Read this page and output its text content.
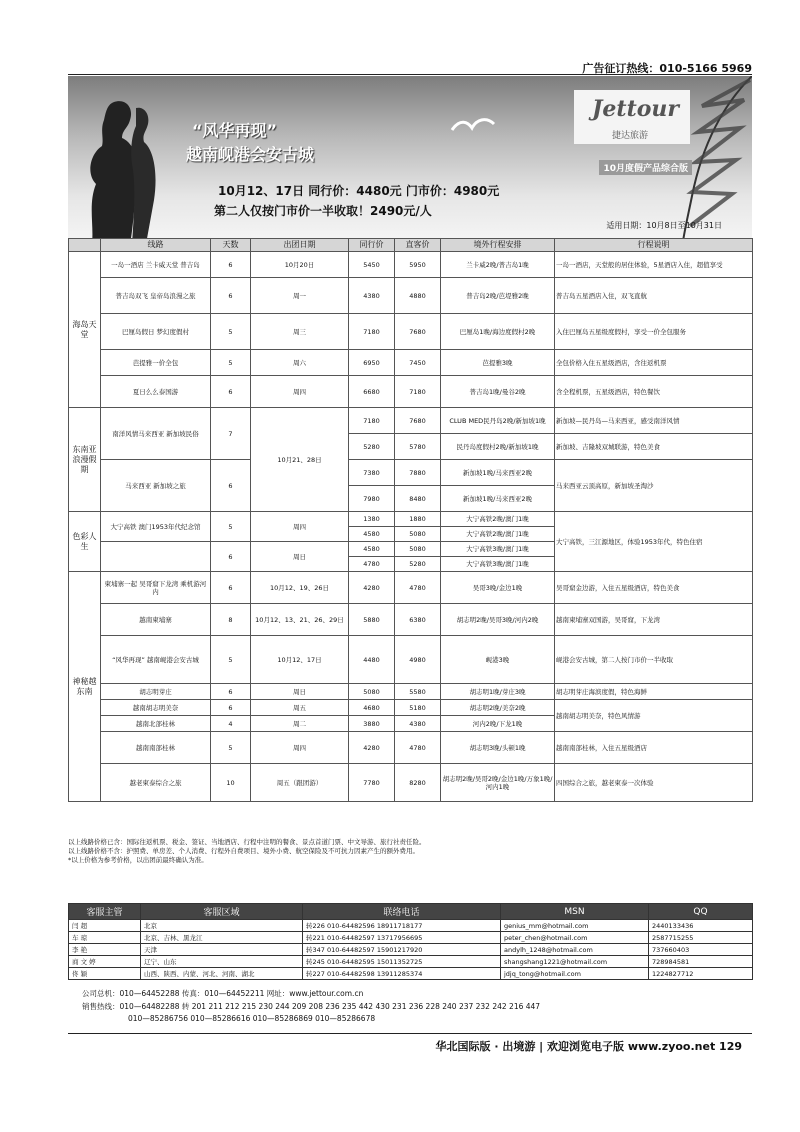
广告征订热线：010-5166 5969
“风华再现”
越南岘港会安古城
10月12、17日 同行价：4480元 门市价：4980元
第二人仅按门市价一半收取！2490元/人
Jettour
捷达旅游
10月度假产品综合版
适用日期：10月8日至10月31日
	线路	天数	出团日期	同行价	直客价	境外行程安排	行程说明
海岛天堂	一岛一酒店 兰卡威天堂 普吉岛	6	10月20日	5450	5950	兰卡威2晚/普吉岛1晚	一岛一酒店，天堂般的居住体验，5星酒店入住，超值享受
	普吉岛双飞 皇帝岛浪漫之旅	6	周一	4380	4880	普吉岛2晚/芭堤雅2晚	普吉岛五星酒店入住，双飞直航
	巴厘岛假日 梦幻度假村	5	周三	7180	7680	巴厘岛1晚/海边度假村2晚	入住巴厘岛五星级度假村，享受一价全包服务
	芭提雅一价全包	5	周六	6950	7450	芭提雅3晚	全包价格入住五星级酒店，含往返机票
	夏日么么泰国游	6	周四	6680	7180	普吉岛1晚/曼谷2晚	含全程机票，五星级酒店，特色餐饮
东南亚浪漫假期	南洋风情马来西亚 新加坡民俗	7	10月21、28日	7180	7680	CLUB MED民丹岛2晚/新加坡1晚	新加坡—民丹岛—马来西亚，感受南洋风情
				5280	5780	民丹岛度假村2晚/新加坡1晚	新加坡、吉隆坡双城联游，特色美食
	马来西亚 新加坡之旅	6		7380	7880	新加坡1晚/马来西亚2晚	马来西亚云顶高原，新加坡圣淘沙
				7980	8480	新加坡1晚/马来西亚2晚	
色彩人生	大宁高铁 澳门1953年代纪念馆	5	周四	1380	1880	大宁高铁2晚/澳门1晚	大宁高铁，三江源地区，体验1953年代，特色住宿
				4580	5080	大宁高铁2晚/澳门1晚	
		6	周日	4580	5080	大宁高铁3晚/澳门1晚	
				4780	5280	大宁高铁3晚/澳门1晚	
神秘越东南	柬埔寨一起 吴哥窟下龙湾 乘机游河内	6	10月12、19、26日	4280	4780	吴哥3晚/金边1晚	吴哥窟金边游，入住五星级酒店，特色美食
	越南柬埔寨	8	10月12、13、21、26、29日	5880	6380	胡志明2晚/吴哥3晚/河内2晚	越南柬埔寨双国游，吴哥窟，下龙湾
	“风华再现” 越南岘港会安古城	5	10月12、17日	4480	4980	岘港3晚	岘港会安古城，第二人按门市价一半收取
	胡志明芽庄	6	周日	5080	5580	胡志明1晚/芽庄3晚	胡志明芽庄海滨度假，特色海鲜
	越南胡志明美奈	6	周五	4680	5180	胡志明2晚/美奈2晚	越南胡志明美奈，特色风情游
	越南北部桂林	4	周二	3880	4380	河内2晚/下龙1晚	
	越南南部桂林	5	周四	4280	4780	胡志明3晚/头顿1晚	越南南部桂林，入住五星级酒店
	越老柬泰综合之旅	10	周五（跟团游）	7780	8280	胡志明2晚/吴哥2晚/金边1晚/万象1晚/河内1晚	四国综合之旅，越老柬泰一次体验
以上线路价格已含：国际往返机票、税金、签证、当地酒店、行程中注明的餐食、景点首道门票、中文导游、旅行社责任险。
以上线路价格不含：护照费、单房差、个人消费、行程外自费项目、境外小费、航空保险及不可抗力因素产生的额外费用。
*以上价格为参考价格，以出团前最终确认为准。
客服主管	客服区域	联络电话	MSN	QQ
闫 超	北京	转226 010-64482596 18911718177	genius_mm@hotmail.com	2440133436
车 琼	北京、吉林、黑龙江	转221 010-64482597 13717956695	peter_chen@hotmail.com	2587715255
李 艳	天津	转347 010-64482597 15901217920	andylh_1248@hotmail.com	737660403
商 文 婷	辽宁、山东	转245 010-64482595 15011352725	shangshang1221@hotmail.com	728984581
佟 颖	山西、陕西、内蒙、河北、河南、湖北	转227 010-64482598 13911285374	jdjq_tong@hotmail.com	1224827712
公司总机：010—64452288 传真：010—64452211 网址：www.jettour.com.cn
销售热线：010—64482288 转 201 211 212 215 230 244 209 208 236 235 442 430 231 236 228 240 237 232 242 216 447
010—85286756 010—85286616 010—85286869 010—85286678
华北国际版 · 出境游 | 欢迎浏览电子版 www.zyoo.net 129
